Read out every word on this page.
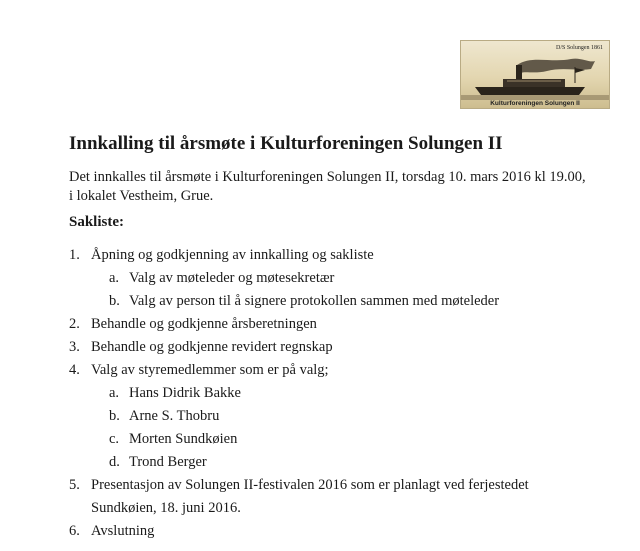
D/S Solungen 1861
Kulturforeningen Solungen II
Innkalling til årsmøte i Kulturforeningen Solungen II

Det innkalles til årsmøte i Kulturforeningen Solungen II, torsdag 10. mars 2016 kl 19.00,
i lokalet Vestheim, Grue.

Sakliste:
1. Åpning og godkjenning av innkalling og sakliste
a. Valg av møteleder og møtesekretær
b. Valg av person til å signere protokollen sammen med møteleder
2. Behandle og godkjenne årsberetningen
3. Behandle og godkjenne revidert regnskap
4. Valg av styremedlemmer som er på valg;
a. Hans Didrik Bakke
b. Arne S. Thobru
c. Morten Sundkøien
d. Trond Berger
5. Presentasjon av Solungen II-festivalen 2016 som er planlagt ved ferjestedet
Sundkøien, 18. juni 2016.
6. Avslutning
